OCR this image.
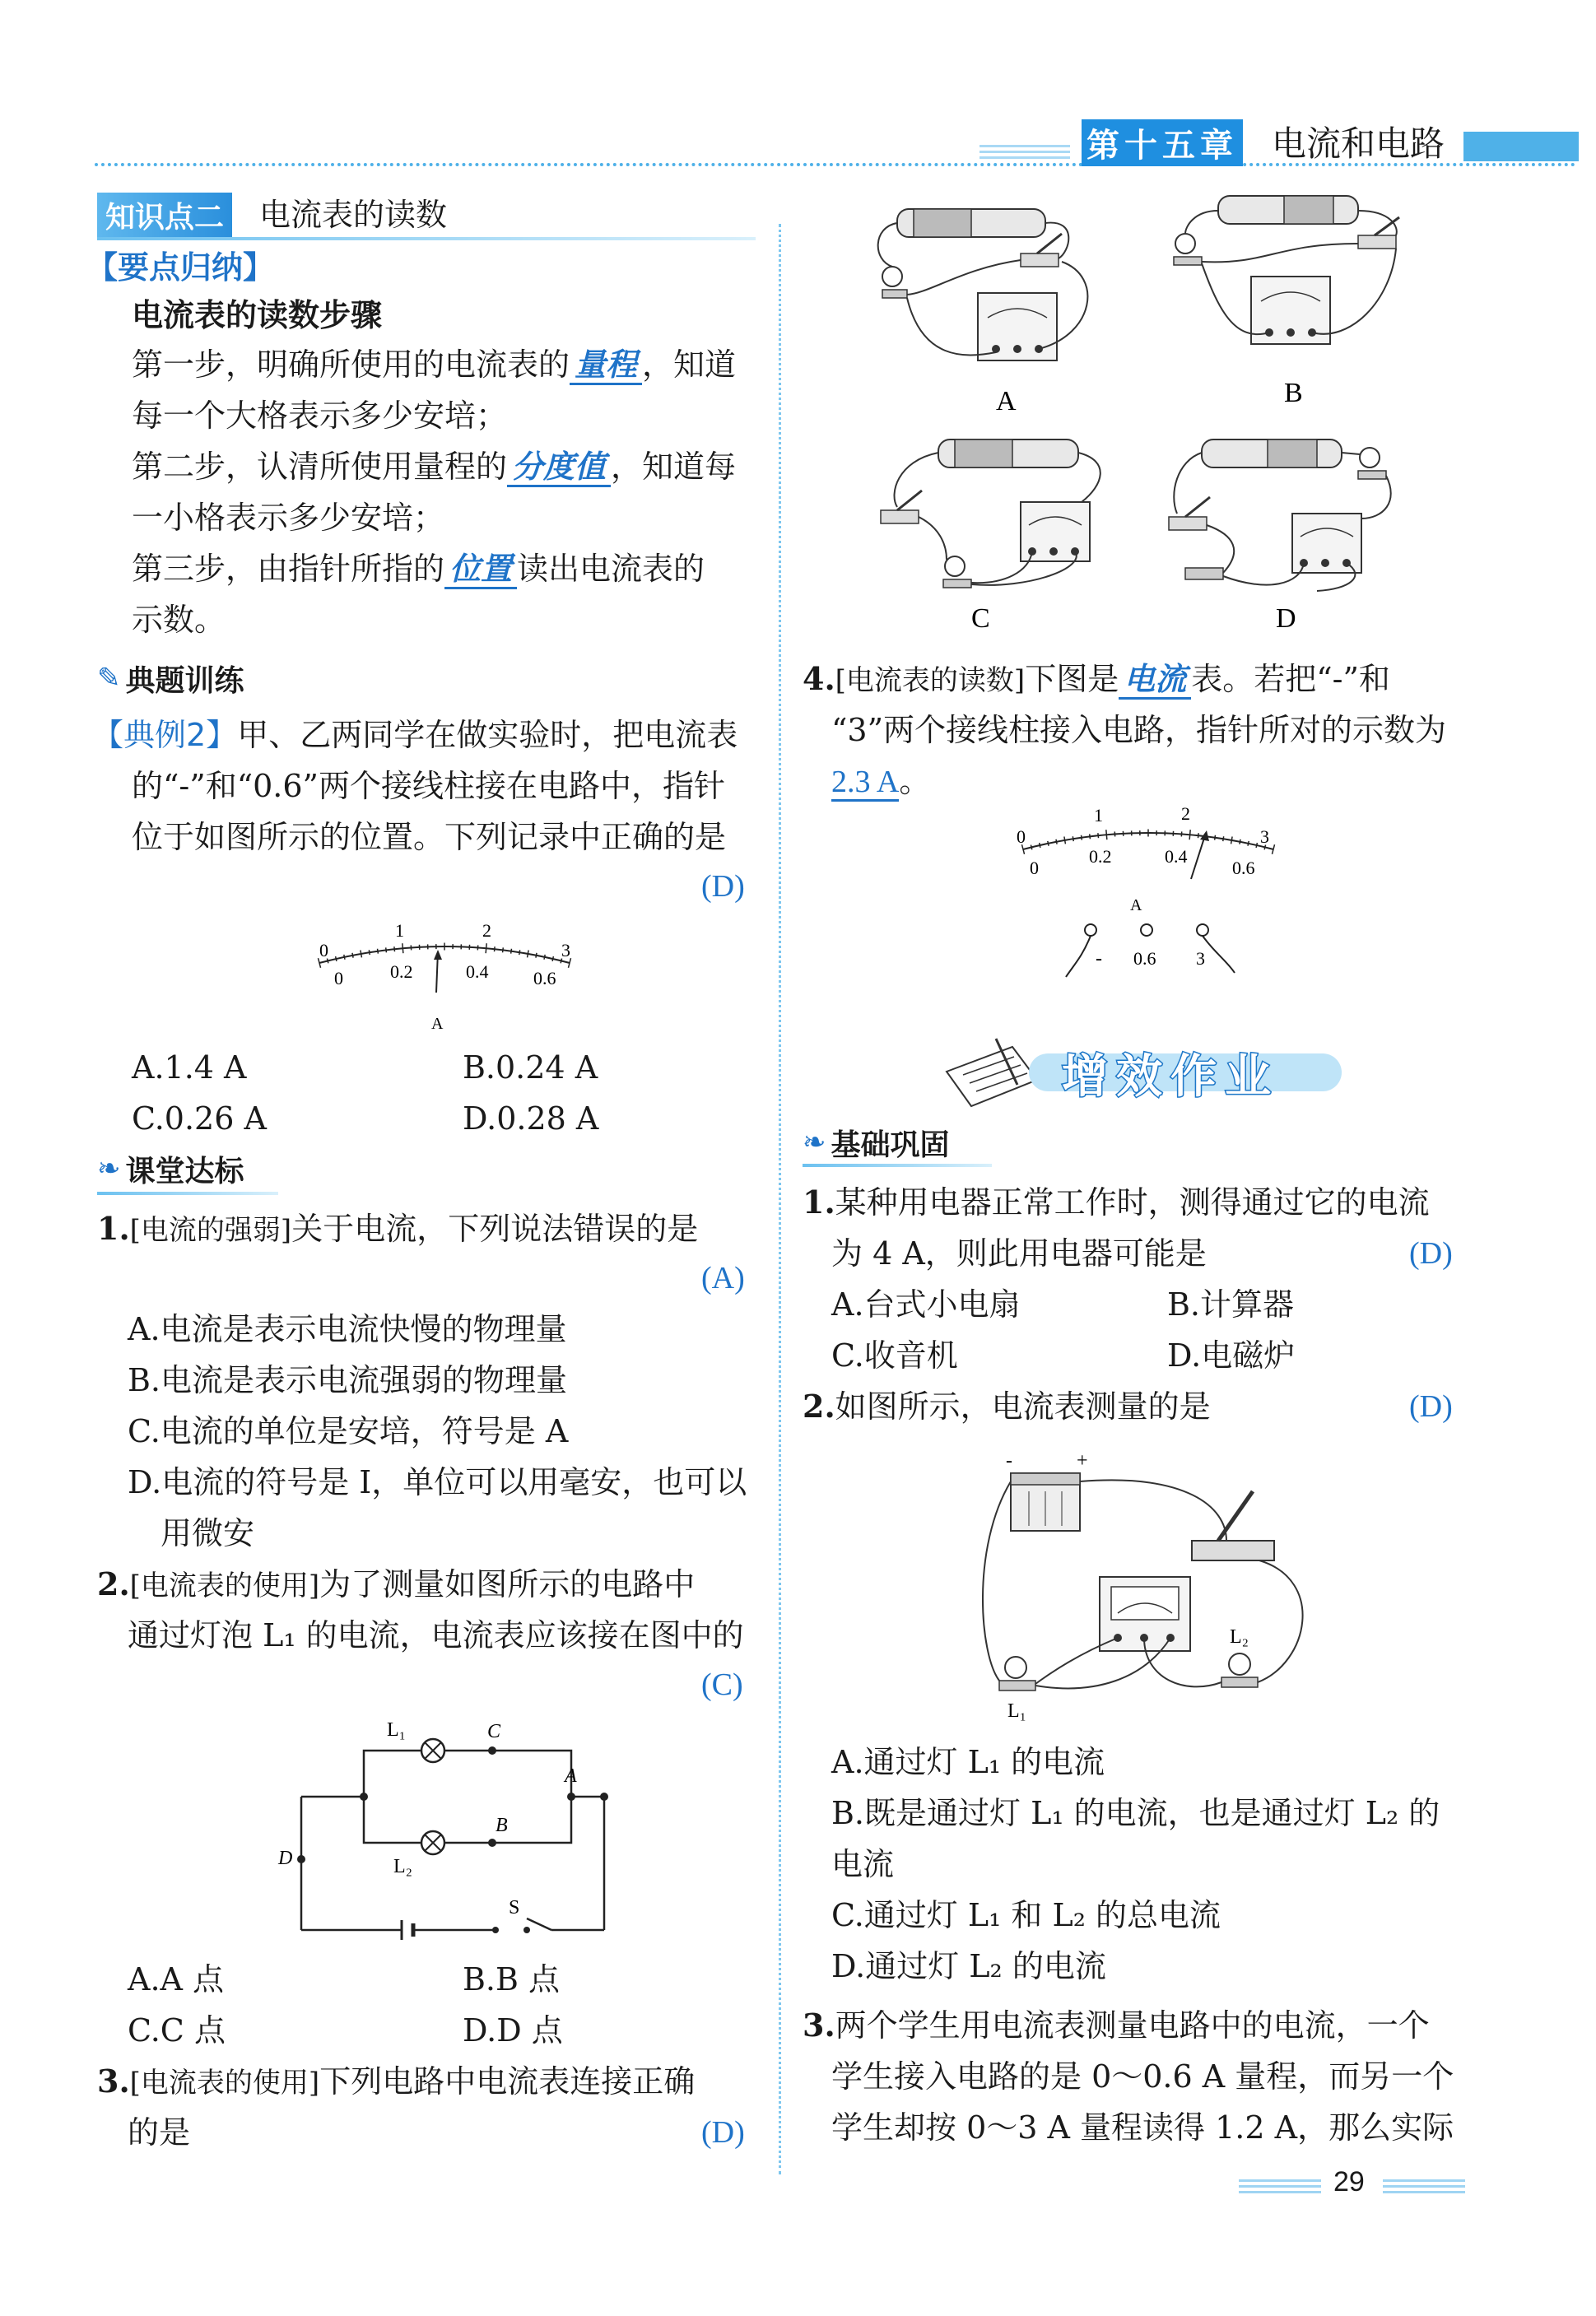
第十五章 电流和电路
知识点二 电流表的读数
【要点归纳】
电流表的读数步骤
第一步，明确所使用的电流表的 量程 ，知道
每一个大格表示多少安培；
第二步，认清所使用量程的 分度值 ，知道每
一小格表示多少安培；
第三步，由指针所指的 位置 读出电流表的
示数。
✎ 典题训练
【典例2】甲、乙两同学在做实验时，把电流表
的“-”和“0.6”两个接线柱接在电路中，指针
位于如图所示的位置。下列记录中正确的是
(D)
0
1	2
3
0	0.2	0.4 0.6
A
A.1.4 A	B.0.24 A
C.0.26 A	D.0.28 A
❧ 课堂达标
1.[电流的强弱]关于电流，下列说法错误的是
(A)
A.电流是表示电流快慢的物理量
B.电流是表示电流强弱的物理量
C.电流的单位是安培，符号是 A
D.电流的符号是 I，单位可以用毫安，也可以
用微安
2.[电流表的使用]为了测量如图所示的电路中
通过灯泡 L₁ 的电流，电流表应该接在图中的
(C)
L₁	C
A
B
L₂
D
S
A.A 点	B.B 点
C.C 点	D.D 点
3.[电流表的使用]下列电路中电流表连接正确
的是	(D)
A	B
C	D
4.[电流表的读数]下图是 电流 表。若把“-”和
“3”两个接线柱接入电路，指针所对的示数为
2.3 A。
0
1	2
3
0
0.2	0.4
0.6
A
- 0.6 3
增效作业
❧ 基础巩固
1.某种用电器正常工作时，测得通过它的电流
为 4 A，则此用电器可能是	(D)
A.台式小电扇	B.计算器
C.收音机	D.电磁炉
2.如图所示，电流表测量的是	(D)
-	+
L₂
L₁
A.通过灯 L₁ 的电流
B.既是通过灯 L₁ 的电流，也是通过灯 L₂ 的
电流
C.通过灯 L₁ 和 L₂ 的总电流
D.通过灯 L₂ 的电流
3.两个学生用电流表测量电路中的电流，一个
学生接入电路的是 0～0.6 A 量程，而另一个
学生却按 0～3 A 量程读得 1.2 A，那么实际
29
